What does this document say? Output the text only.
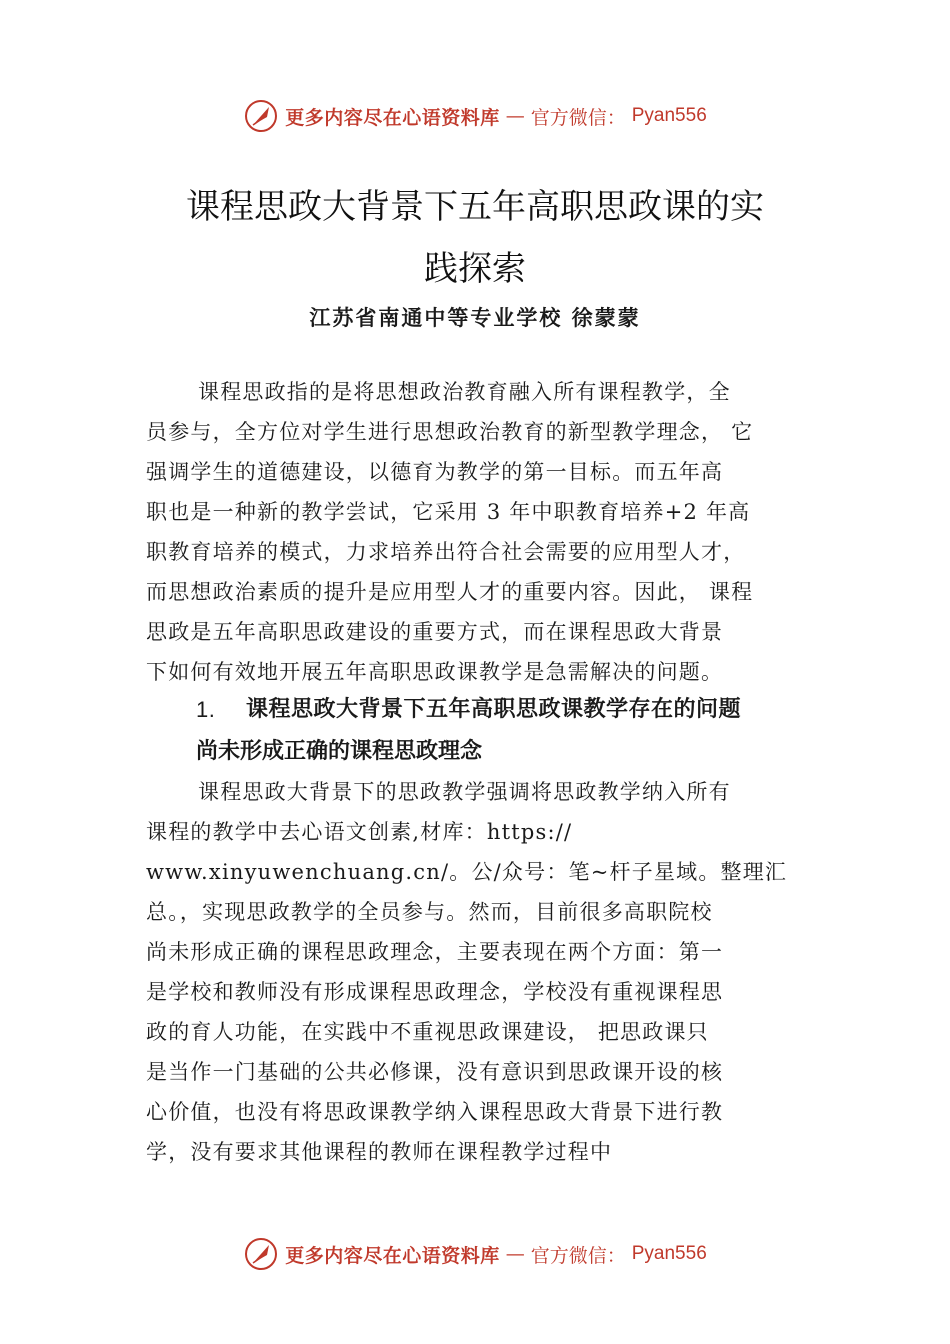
更多内容尽在心语资料库 — 官方微信： Pyan556
课程思政大背景下五年高职思政课的实
践探索
江苏省南通中等专业学校 徐蒙蒙
课程思政指的是将思想政治教育融入所有课程教学，全
员参与，全方位对学生进行思想政治教育的新型教学理念， 它
强调学生的道德建设，以德育为教学的第一目标。而五年高
职也是一种新的教学尝试，它采用 3 年中职教育培养+2 年高
职教育培养的模式，力求培养出符合社会需要的应用型人才，
而思想政治素质的提升是应用型人才的重要内容。因此， 课程
思政是五年高职思政建设的重要方式，而在课程思政大背景
下如何有效地开展五年高职思政课教学是急需解决的问题。
1.	课程思政大背景下五年高职思政课教学存在的问题
尚未形成正确的课程思政理念
课程思政大背景下的思政教学强调将思政教学纳入所有
课程的教学中去心语文创素,材库：https://
www.xinyuwenchuang.cn/。公/众号：笔~杆子星域。整理汇
总。，实现思政教学的全员参与。然而，目前很多高职院校
尚未形成正确的课程思政理念，主要表现在两个方面：第一
是学校和教师没有形成课程思政理念，学校没有重视课程思
政的育人功能，在实践中不重视思政课建设， 把思政课只
是当作一门基础的公共必修课，没有意识到思政课开设的核
心价值，也没有将思政课教学纳入课程思政大背景下进行教
学，没有要求其他课程的教师在课程教学过程中
更多内容尽在心语资料库 — 官方微信： Pyan556
